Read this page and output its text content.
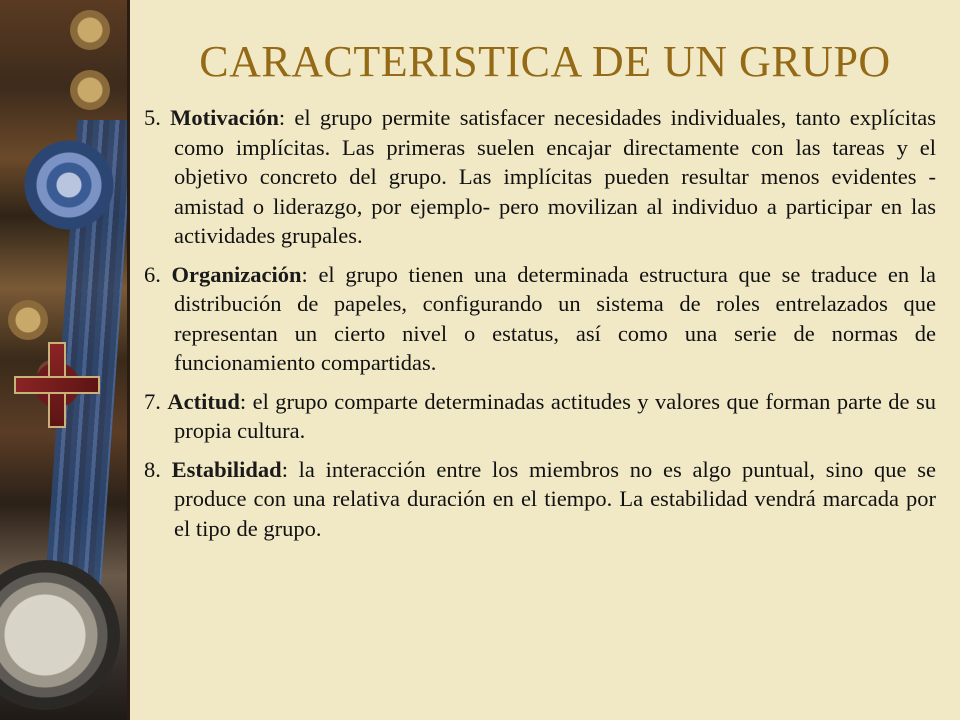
CARACTERISTICA DE UN GRUPO

5. Motivación: el grupo permite satisfacer necesidades individuales, tanto explícitas como implícitas. Las primeras suelen encajar directamente con las tareas y el objetivo concreto del grupo. Las implícitas pueden resultar menos evidentes - amistad o liderazgo, por ejemplo- pero movilizan al individuo a participar en las actividades grupales.

6. Organización: el grupo tienen una determinada estructura que se traduce en la distribución de papeles, configurando un sistema de roles entrelazados que representan un cierto nivel o estatus, así como una serie de normas de funcionamiento compartidas.

7. Actitud: el grupo comparte determinadas actitudes y valores que forman parte de su propia cultura.

8. Estabilidad: la interacción entre los miembros no es algo puntual, sino que se produce con una relativa duración en el tiempo. La estabilidad vendrá marcada por el tipo de grupo.
